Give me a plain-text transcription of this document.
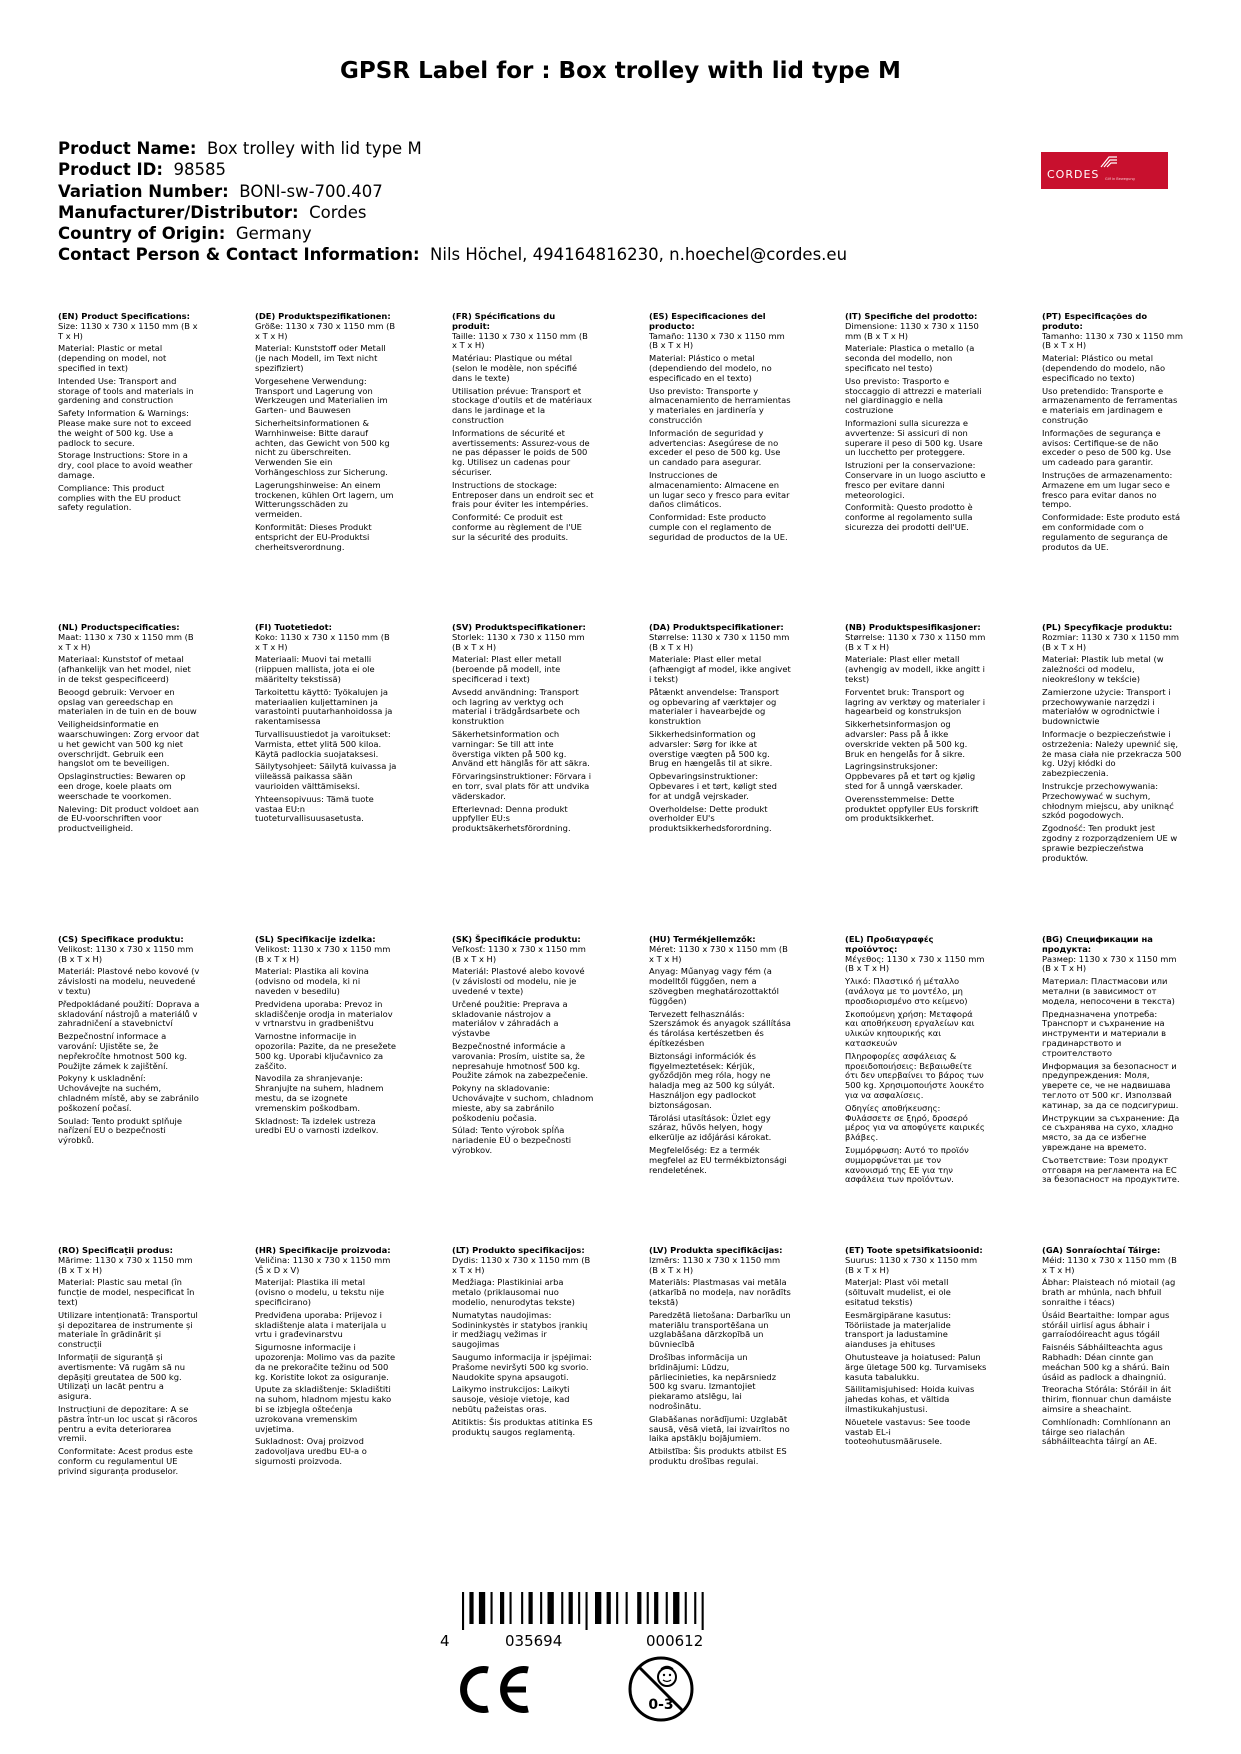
GPSR Label for : Box trolley with lid type M
Product Name: Box trolley with lid type M
Product ID: 98585
Variation Number: BONI-sw-700.407
Manufacturer/Distributor: Cordes
Country of Origin: Germany
Contact Person & Contact Information: Nils Höchel, 494164816230, n.hoechel@cordes.eu
CORDES Gilf in Bewegung
(EN) Product Specifications:

Size: 1130 x 730 x 1150 mm (B x T x H)

Material: Plastic or metal (depending on model, not specified in text)

Intended Use: Transport and storage of tools and materials in gardening and construction

Safety Information & Warnings: Please make sure not to exceed the weight of 500 kg. Use a padlock to secure.

Storage Instructions: Store in a dry, cool place to avoid weather damage.

Compliance: This product complies with the EU product safety regulation.

(DE) Produktspezifikationen:

Größe: 1130 x 730 x 1150 mm (B x T x H)

Material: Kunststoff oder Metall (je nach Modell, im Text nicht spezifiziert)

Vorgesehene Verwendung: Transport und Lagerung von Werkzeugen und Materialien im Garten- und Bauwesen

Sicherheitsinformationen & Warnhinweise: Bitte darauf achten, das Gewicht von 500 kg nicht zu überschreiten. Verwenden Sie ein Vorhängeschloss zur Sicherung.

Lagerungshinweise: An einem trockenen, kühlen Ort lagern, um Witterungsschäden zu vermeiden.

Konformität: Dieses Produkt entspricht der EU-Produktsi cherheitsverordnung.

(FR) Spécifications du produit:

Taille: 1130 x 730 x 1150 mm (B x T x H)

Matériau: Plastique ou métal (selon le modèle, non spécifié dans le texte)

Utilisation prévue: Transport et stockage d'outils et de matériaux dans le jardinage et la construction

Informations de sécurité et avertissements: Assurez-vous de ne pas dépasser le poids de 500 kg. Utilisez un cadenas pour sécuriser.

Instructions de stockage: Entreposer dans un endroit sec et frais pour éviter les intempéries.

Conformité: Ce produit est conforme au règlement de l'UE sur la sécurité des produits.

(ES) Especificaciones del producto:

Tamaño: 1130 x 730 x 1150 mm (B x T x H)

Material: Plástico o metal (dependiendo del modelo, no especificado en el texto)

Uso previsto: Transporte y almacenamiento de herramientas y materiales en jardinería y construcción

Información de seguridad y advertencias: Asegúrese de no exceder el peso de 500 kg. Use un candado para asegurar.

Instrucciones de almacenamiento: Almacene en un lugar seco y fresco para evitar daños climáticos.

Conformidad: Este producto cumple con el reglamento de seguridad de productos de la UE.

(IT) Specifiche del prodotto:

Dimensione: 1130 x 730 x 1150 mm (B x T x H)

Materiale: Plastica o metallo (a seconda del modello, non specificato nel testo)

Uso previsto: Trasporto e stoccaggio di attrezzi e materiali nel giardinaggio e nella costruzione

Informazioni sulla sicurezza e avvertenze: Si assicuri di non superare il peso di 500 kg. Usare un lucchetto per proteggere.

Istruzioni per la conservazione: Conservare in un luogo asciutto e fresco per evitare danni meteorologici.

Conformità: Questo prodotto è conforme al regolamento sulla sicurezza dei prodotti dell'UE.

(PT) Especificações do produto:

Tamanho: 1130 x 730 x 1150 mm (B x T x H)

Material: Plástico ou metal (dependendo do modelo, não especificado no texto)

Uso pretendido: Transporte e armazenamento de ferramentas e materiais em jardinagem e construção

Informações de segurança e avisos: Certifique-se de não exceder o peso de 500 kg. Use um cadeado para garantir.

Instruções de armazenamento: Armazene em um lugar seco e fresco para evitar danos no tempo.

Conformidade: Este produto está em conformidade com o regulamento de segurança de produtos da UE.

(NL) Productspecificaties:

Maat: 1130 x 730 x 1150 mm (B x T x H)

Materiaal: Kunststof of metaal (afhankelijk van het model, niet in de tekst gespecificeerd)

Beoogd gebruik: Vervoer en opslag van gereedschap en materialen in de tuin en de bouw

Veiligheidsinformatie en waarschuwingen: Zorg ervoor dat u het gewicht van 500 kg niet overschrijdt. Gebruik een hangslot om te beveiligen.

Opslaginstructies: Bewaren op een droge, koele plaats om weerschade te voorkomen.

Naleving: Dit product voldoet aan de EU-voorschriften voor productveiligheid.

(FI) Tuotetiedot:

Koko: 1130 x 730 x 1150 mm (B x T x H)

Materiaali: Muovi tai metalli (riippuen mallista, jota ei ole määritelty tekstissä)

Tarkoitettu käyttö: Työkalujen ja materiaalien kuljettaminen ja varastointi puutarhanhoidossa ja rakentamisessa

Turvallisuustiedot ja varoitukset: Varmista, ettet ylitä 500 kiloa. Käytä padlockia suojataksesi.

Säilytysohjeet: Säilytä kuivassa ja viileässä paikassa sään vaurioiden välttämiseksi.

Yhteensopivuus: Tämä tuote vastaa EU:n tuoteturvallisuusasetusta.

(SV) Produktspecifikationer:

Storlek: 1130 x 730 x 1150 mm (B x T x H)

Material: Plast eller metall (beroende på modell, inte specificerad i text)

Avsedd användning: Transport och lagring av verktyg och material i trädgårdsarbete och konstruktion

Säkerhetsinformation och varningar: Se till att inte överstiga vikten på 500 kg. Använd ett hänglås för att säkra.

Förvaringsinstruktioner: Förvara i en torr, sval plats för att undvika väderskador.

Efterlevnad: Denna produkt uppfyller EU:s produktsäkerhetsförordning.

(DA) Produktspecifikationer:

Størrelse: 1130 x 730 x 1150 mm (B x T x H)

Materiale: Plast eller metal (afhængigt af model, ikke angivet i tekst)

Påtænkt anvendelse: Transport og opbevaring af værktøjer og materialer i havearbejde og konstruktion

Sikkerhedsinformation og advarsler: Sørg for ikke at overstige vægten på 500 kg. Brug en hængelås til at sikre.

Opbevaringsinstruktioner: Opbevares i et tørt, køligt sted for at undgå vejrskader.

Overholdelse: Dette produkt overholder EU's produktsikkerhedsforordning.

(NB) Produktspesifikasjoner:

Størrelse: 1130 x 730 x 1150 mm (B x T x H)

Materiale: Plast eller metall (avhengig av modell, ikke angitt i tekst)

Forventet bruk: Transport og lagring av verktøy og materialer i hagearbeid og konstruksjon

Sikkerhetsinformasjon og advarsler: Pass på å ikke overskride vekten på 500 kg. Bruk en hengelås for å sikre.

Lagringsinstruksjoner: Oppbevares på et tørt og kjølig sted for å unngå værskader.

Overensstemmelse: Dette produktet oppfyller EUs forskrift om produktsikkerhet.

(PL) Specyfikacje produktu:

Rozmiar: 1130 x 730 x 1150 mm (B x T x H)

Materiał: Plastik lub metal (w zależności od modelu, nieokreślony w tekście)

Zamierzone użycie: Transport i przechowywanie narzędzi i materiałów w ogrodnictwie i budownictwie

Informacje o bezpieczeństwie i ostrzeżenia: Należy upewnić się, że masa ciała nie przekracza 500 kg. Użyj kłódki do zabezpieczenia.

Instrukcje przechowywania: Przechowywać w suchym, chłodnym miejscu, aby uniknąć szkód pogodowych.

Zgodność: Ten produkt jest zgodny z rozporządzeniem UE w sprawie bezpieczeństwa produktów.

(CS) Specifikace produktu:

Velikost: 1130 x 730 x 1150 mm (B x T x H)

Materiál: Plastové nebo kovové (v závislosti na modelu, neuvedené v textu)

Předpokládané použití: Doprava a skladování nástrojů a materiálů v zahradničení a stavebnictví

Bezpečnostní informace a varování: Ujistěte se, že nepřekročíte hmotnost 500 kg. Použijte zámek k zajištění.

Pokyny k uskladnění: Uchovávejte na suchém, chladném místě, aby se zabránilo poškození počasí.

Soulad: Tento produkt splňuje nařízení EU o bezpečnosti výrobků.

(SL) Specifikacije izdelka:

Velikost: 1130 x 730 x 1150 mm (B x T x H)

Material: Plastika ali kovina (odvisno od modela, ki ni naveden v besedilu)

Predvidena uporaba: Prevoz in skladiščenje orodja in materialov v vrtnarstvu in gradbeništvu

Varnostne informacije in opozorila: Pazite, da ne presežete 500 kg. Uporabi ključavnico za zaščito.

Navodila za shranjevanje: Shranjujte na suhem, hladnem mestu, da se izognete vremenskim poškodbam.

Skladnost: Ta izdelek ustreza uredbi EU o varnosti izdelkov.

(SK) Špecifikácie produktu:

Veľkosť: 1130 x 730 x 1150 mm (B x T x H)

Materiál: Plastové alebo kovové (v závislosti od modelu, nie je uvedené v texte)

Určené použitie: Preprava a skladovanie nástrojov a materiálov v záhradách a výstavbe

Bezpečnostné informácie a varovania: Prosím, uistite sa, že nepresahuje hmotnosť 500 kg. Použite zámok na zabezpečenie.

Pokyny na skladovanie: Uchovávajte v suchom, chladnom mieste, aby sa zabránilo poškodeniu počasia.

Súlad: Tento výrobok spĺňa nariadenie EÚ o bezpečnosti výrobkov.

(HU) Termékjellemzők:

Méret: 1130 x 730 x 1150 mm (B x T x H)

Anyag: Műanyag vagy fém (a modelltől függően, nem a szövegben meghatározottaktól függően)

Tervezett felhasználás: Szerszámok és anyagok szállítása és tárolása kertészetben és építkezésben

Biztonsági információk és figyelmeztetések: Kérjük, győződjön meg róla, hogy ne haladja meg az 500 kg súlyát. Használjon egy padlockot biztonságosan.

Tárolási utasítások: Üzlet egy száraz, hűvös helyen, hogy elkerülje az időjárási károkat.

Megfelelőség: Ez a termék megfelel az EU termékbiztonsági rendeletének.

(EL) Προδιαγραφές προϊόντος:

Μέγεθος: 1130 x 730 x 1150 mm (B x T x H)

Υλικό: Πλαστικό ή μέταλλο (ανάλογα με το μοντέλο, μη προσδιορισμένο στο κείμενο)

Σκοπούμενη χρήση: Μεταφορά και αποθήκευση εργαλείων και υλικών κηπουρικής και κατασκευών

Πληροφορίες ασφάλειας & προειδοποιήσεις: Βεβαιωθείτε ότι δεν υπερβαίνει το βάρος των 500 kg. Χρησιμοποιήστε λουκέτο για να ασφαλίσεις.

Οδηγίες αποθήκευσης: Φυλάσσετε σε ξηρό, δροσερό μέρος για να αποφύγετε καιρικές βλάβες.

Συμμόρφωση: Αυτό το προϊόν συμμορφώνεται με τον κανονισμό της ΕΕ για την ασφάλεια των προϊόντων.

(BG) Спецификации на продукта:

Размер: 1130 x 730 x 1150 mm (B x T x H)

Материал: Пластмасови или метални (в зависимост от модела, непосочени в текста)

Предназначена употреба: Транспорт и съхранение на инструменти и материали в градинарството и строителството

Информация за безопасност и предупреждения: Моля, уверете се, че не надвишава теглото от 500 кг. Използвай катинар, за да се подсигуриш.

Инструкции за съхранение: Да се съхранява на сухо, хладно място, за да се избегне увреждане на времето.

Съответствие: Този продукт отговаря на регламента на ЕС за безопасност на продуктите.

(RO) Specificații produs:

Mărime: 1130 x 730 x 1150 mm (B x T x H)

Material: Plastic sau metal (în funcție de model, nespecificat în text)

Utilizare intenționată: Transportul și depozitarea de instrumente și materiale în grădinărit și construcții

Informații de siguranță și avertismente: Vă rugăm să nu depășiți greutatea de 500 kg. Utilizați un lacăt pentru a asigura.

Instrucțiuni de depozitare: A se păstra într-un loc uscat și răcoros pentru a evita deteriorarea vremii.

Conformitate: Acest produs este conform cu regulamentul UE privind siguranța produselor.

(HR) Specifikacije proizvoda:

Veličina: 1130 x 730 x 1150 mm (Š x D x V)

Materijal: Plastika ili metal (ovisno o modelu, u tekstu nije specificirano)

Predviđena uporaba: Prijevoz i skladištenje alata i materijala u vrtu i građevinarstvu

Sigurnosne informacije i upozorenja: Molimo vas da pazite da ne prekoračite težinu od 500 kg. Koristite lokot za osiguranje.

Upute za skladištenje: Skladištiti na suhom, hladnom mjestu kako bi se izbjegla oštećenja uzrokovana vremenskim uvjetima.

Sukladnost: Ovaj proizvod zadovoljava uredbu EU-a o sigurnosti proizvoda.

(LT) Produkto specifikacijos:

Dydis: 1130 x 730 x 1150 mm (B x T x H)

Medžiaga: Plastikiniai arba metalo (priklausomai nuo modelio, nenurodytas tekste)

Numatytas naudojimas: Sodininkystės ir statybos įrankių ir medžiagų vežimas ir saugojimas

Saugumo informacija ir įspėjimai: Prašome neviršyti 500 kg svorio. Naudokite spyna apsaugoti.

Laikymo instrukcijos: Laikyti sausoje, vėsioje vietoje, kad nebūtų pažeistas oras.

Atitiktis: Šis produktas atitinka ES produktų saugos reglamentą.

(LV) Produkta specifikācijas:

Izmērs: 1130 x 730 x 1150 mm (B x T x H)

Materiāls: Plastmasas vai metāla (atkarībā no modeļa, nav norādīts tekstā)

Paredzētā lietošana: Darbarīku un materiālu transportēšana un uzglabāšana dārzkopībā un būvniecībā

Drošības informācija un brīdinājumi: Lūdzu, pārliecinieties, ka nepārsniedz 500 kg svaru. Izmantojiet piekaramo atslēgu, lai nodrošinātu.

Glabāšanas norādījumi: Uzglabāt sausā, vēsā vietā, lai izvairītos no laika apstākļu bojājumiem.

Atbilstība: Šis produkts atbilst ES produktu drošības regulai.

(ET) Toote spetsifikatsioonid:

Suurus: 1130 x 730 x 1150 mm (B x T x H)

Materjal: Plast või metall (sõltuvalt mudelist, ei ole esitatud tekstis)

Eesmärgipärane kasutus: Tööriistade ja materjalide transport ja ladustamine aianduses ja ehituses

Ohutusteave ja hoiatused: Palun ärge ületage 500 kg. Turvamiseks kasuta tabalukku.

Säilitamisjuhised: Hoida kuivas jahedas kohas, et vältida ilmastikukahjustusi.

Nõuetele vastavus: See toode vastab EL-i tooteohutusmäärusele.

(GA) Sonraíochtaí Táirge:

Méid: 1130 x 730 x 1150 mm (B x T x H)

Ábhar: Plaisteach nó miotail (ag brath ar mhúnla, nach bhfuil sonraithe i téacs)

Úsáid Beartaithe: Iompar agus stóráil uirlisí agus ábhair i garraíodóireacht agus tógáil

Faisnéis Sábháilteachta agus Rabhadh: Déan cinnte gan meáchan 500 kg a shárú. Bain úsáid as padlock a dhaingniú.

Treoracha Stórála: Stóráil in áit thirim, fionnuar chun damáiste aimsire a sheachaint.

Comhlíonadh: Comhlíonann an táirge seo rialachán sábháilteachta táirgí an AE.

4	035694	000612
CE
0-3
